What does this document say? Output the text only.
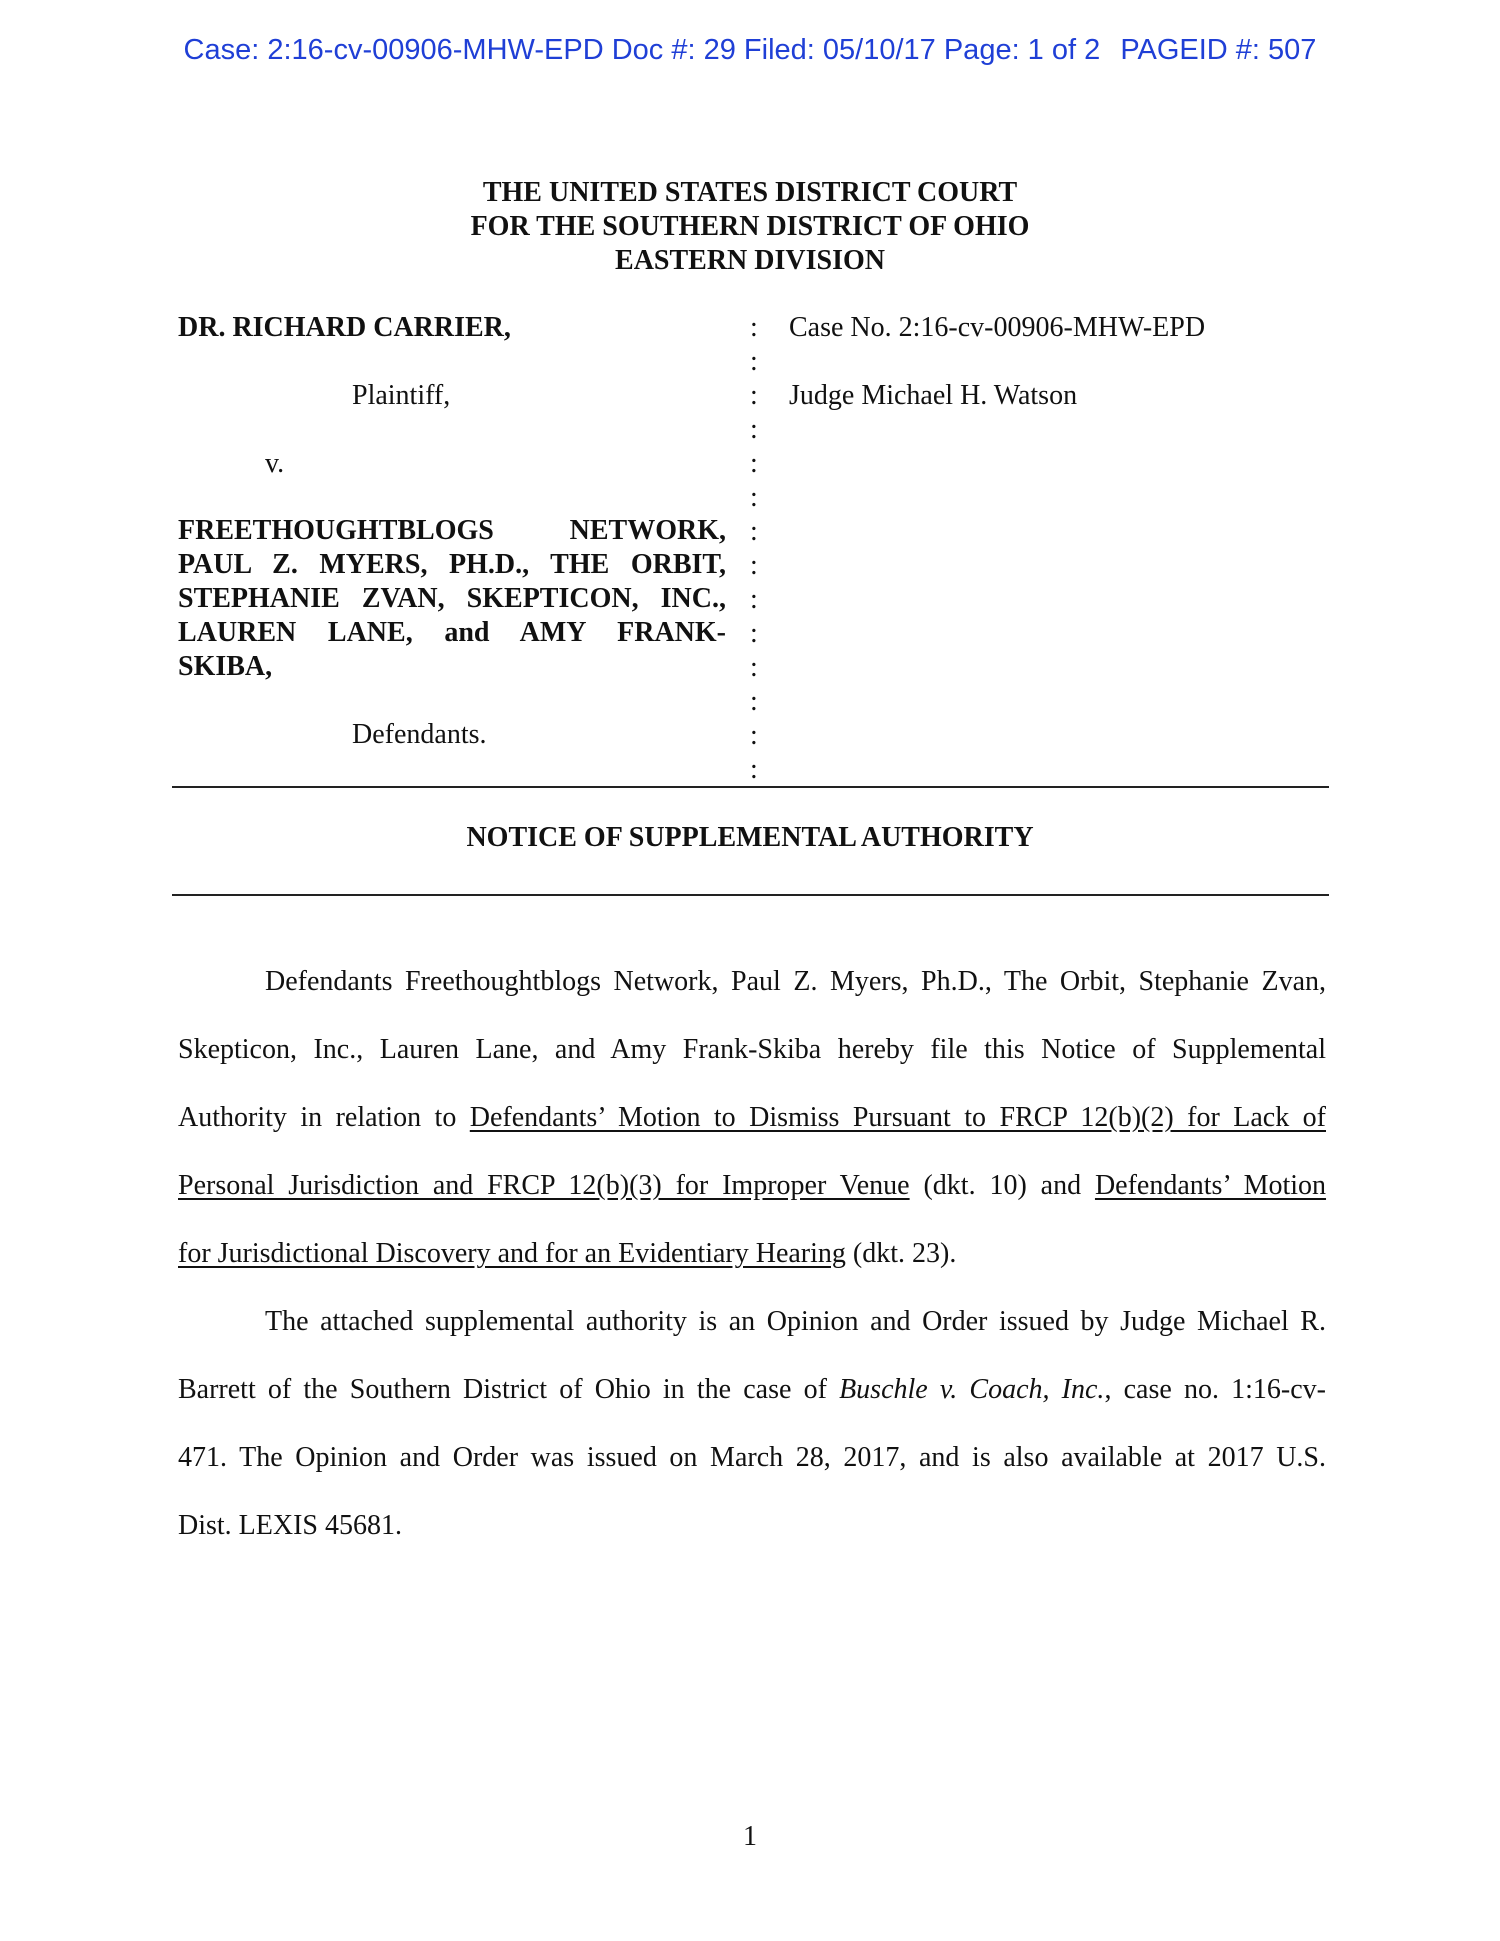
Case: 2:16-cv-00906-MHW-EPD Doc #: 29 Filed: 05/10/17 Page: 1 of 2 PAGEID #: 507
THE UNITED STATES DISTRICT COURT
FOR THE SOUTHERN DISTRICT OF OHIO
EASTERN DIVISION
DR. RICHARD CARRIER,
Plaintiff,
v.
FREETHOUGHTBLOGS NETWORK,
PAUL Z. MYERS, PH.D., THE ORBIT,
STEPHANIE ZVAN, SKEPTICON, INC.,
LAUREN LANE, and AMY FRANK-
SKIBA,
Defendants.
:
:
:
:
:
:
:
:
:
:
:
:
:
:
Case No. 2:16-cv-00906-MHW-EPD
Judge Michael H. Watson
NOTICE OF SUPPLEMENTAL AUTHORITY
Defendants Freethoughtblogs Network, Paul Z. Myers, Ph.D., The Orbit, Stephanie Zvan,
Skepticon, Inc., Lauren Lane, and Amy Frank-Skiba hereby file this Notice of Supplemental
Authority in relation to Defendants’ Motion to Dismiss Pursuant to FRCP 12(b)(2) for Lack of
Personal Jurisdiction and FRCP 12(b)(3) for Improper Venue (dkt. 10) and Defendants’ Motion
for Jurisdictional Discovery and for an Evidentiary Hearing (dkt. 23).
The attached supplemental authority is an Opinion and Order issued by Judge Michael R.
Barrett of the Southern District of Ohio in the case of Buschle v. Coach, Inc., case no. 1:16-cv-
471. The Opinion and Order was issued on March 28, 2017, and is also available at 2017 U.S.
Dist. LEXIS 45681.
1
